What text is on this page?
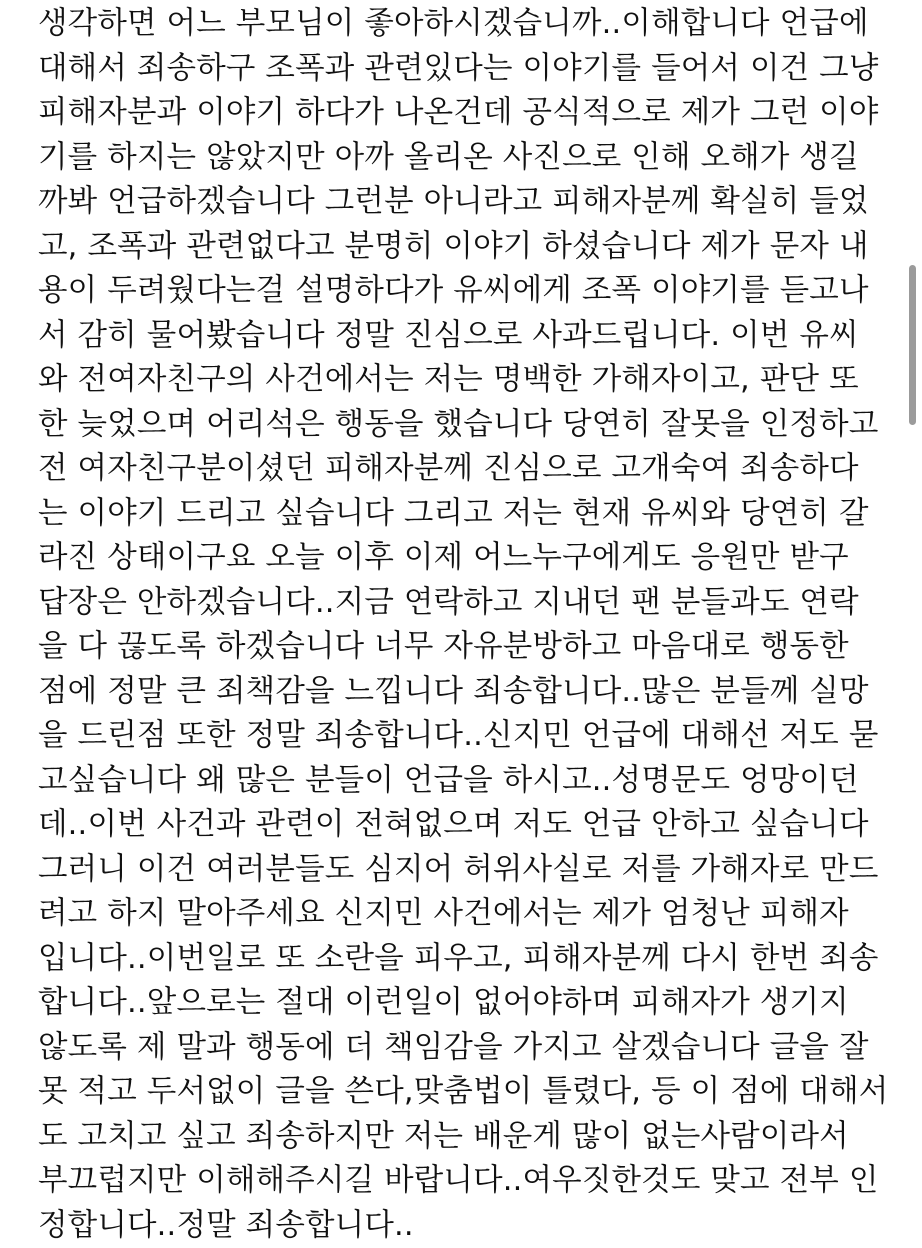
생각하면 어느 부모님이 좋아하시겠습니까..이해합니다 언급에
대해서 죄송하구 조폭과 관련있다는 이야기를 들어서 이건 그냥
피해자분과 이야기 하다가 나온건데 공식적으로 제가 그런 이야
기를 하지는 않았지만 아까 올리온 사진으로 인해 오해가 생길
까봐 언급하겠습니다 그런분 아니라고 피해자분께 확실히 들었
고, 조폭과 관련없다고 분명히 이야기 하셨습니다 제가 문자 내
용이 두려웠다는걸 설명하다가 유씨에게 조폭 이야기를 듣고나
서 감히 물어봤습니다 정말 진심으로 사과드립니다. 이번 유씨
와 전여자친구의 사건에서는 저는 명백한 가해자이고, 판단 또
한 늦었으며 어리석은 행동을 했습니다 당연히 잘못을 인정하고
전 여자친구분이셨던 피해자분께 진심으로 고개숙여 죄송하다
는 이야기 드리고 싶습니다 그리고 저는 현재 유씨와 당연히 갈
라진 상태이구요 오늘 이후 이제 어느누구에게도 응원만 받구
답장은 안하겠습니다..지금 연락하고 지내던 팬 분들과도 연락
을 다 끊도록 하겠습니다 너무 자유분방하고 마음대로 행동한
점에 정말 큰 죄책감을 느낍니다 죄송합니다..많은 분들께 실망
을 드린점 또한 정말 죄송합니다..신지민 언급에 대해선 저도 묻
고싶습니다 왜 많은 분들이 언급을 하시고..성명문도 엉망이던
데..이번 사건과 관련이 전혀없으며 저도 언급 안하고 싶습니다
그러니 이건 여러분들도 심지어 허위사실로 저를 가해자로 만드
려고 하지 말아주세요 신지민 사건에서는 제가 엄청난 피해자
입니다..이번일로 또 소란을 피우고, 피해자분께 다시 한번 죄송
합니다..앞으로는 절대 이런일이 없어야하며 피해자가 생기지
않도록 제 말과 행동에 더 책임감을 가지고 살겠습니다 글을 잘
못 적고 두서없이 글을 쓴다,맞춤법이 틀렸다, 등 이 점에 대해서
도 고치고 싶고 죄송하지만 저는 배운게 많이 없는사람이라서
부끄럽지만 이해해주시길 바랍니다..여우짓한것도 맞고 전부 인
정합니다..정말 죄송합니다..
